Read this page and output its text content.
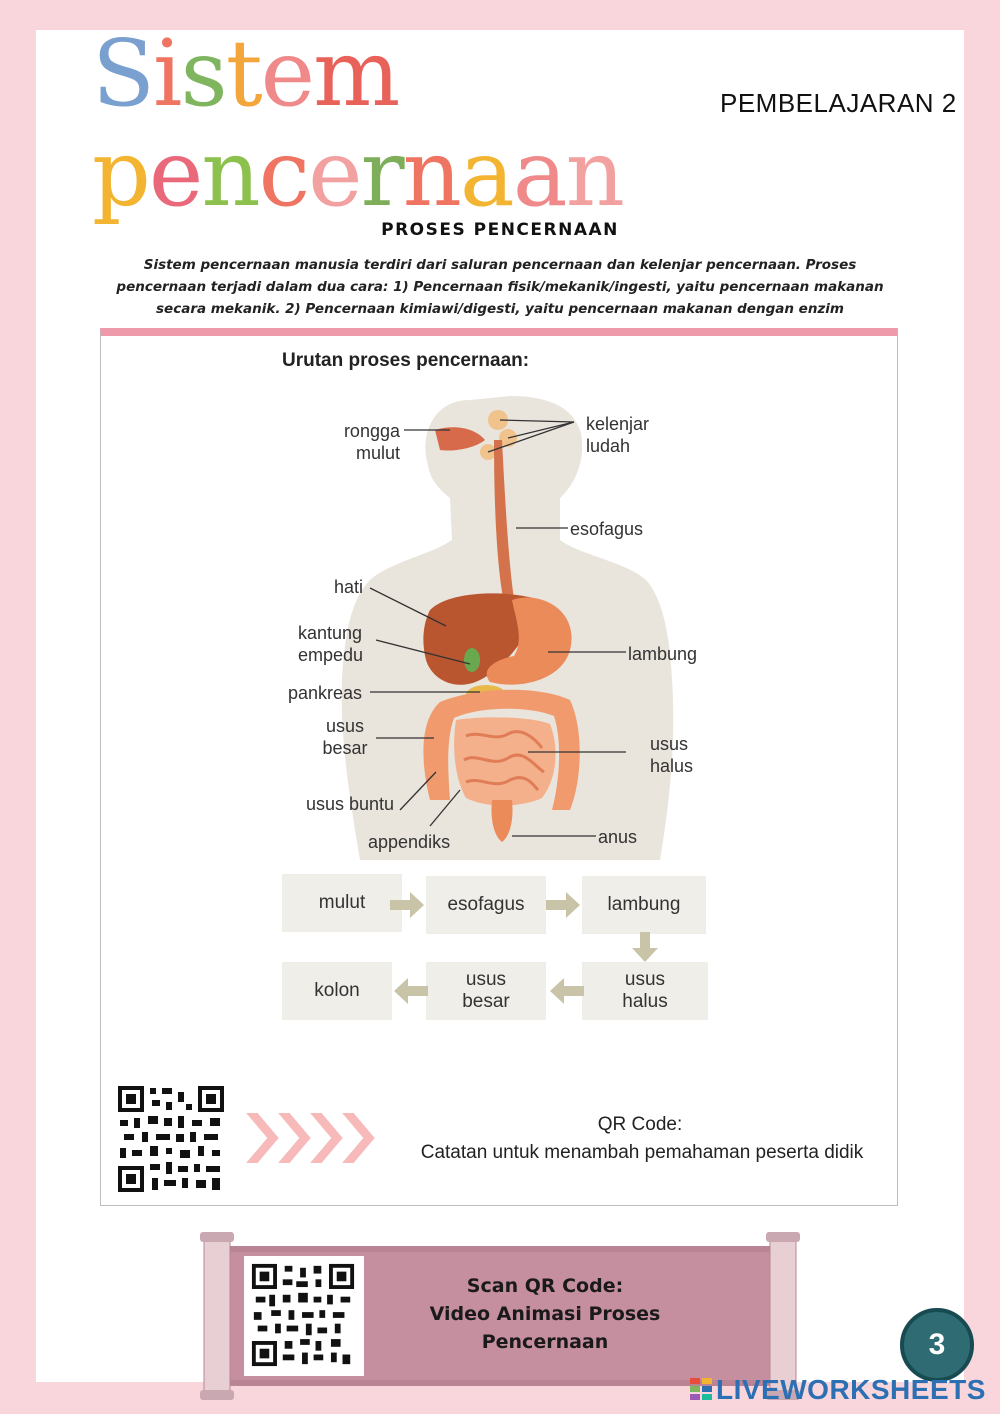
Sistem
pencernaan
PEMBELAJARAN 2
PROSES PENCERNAAN
Sistem pencernaan manusia terdiri dari saluran pencernaan dan kelenjar pencernaan. Proses pencernaan terjadi dalam dua cara: 1) Pencernaan fisik/mekanik/ingesti, yaitu pencernaan makanan secara mekanik. 2) Pencernaan kimiawi/digesti, yaitu pencernaan makanan dengan enzim
Urutan proses pencernaan:
rongga
mulut
kelenjar
ludah
esofagus
hati
kantung
empedu	lambung
pankreas
usus
besar	usus
halus
usus buntu
appendiks	anus
mulut	esofagus	lambung
usus halus
usus besar
kolon
QR Code:
Catatan untuk menambah pemahaman peserta didik
Scan QR Code:
Video Animasi Proses
Pencernaan	3
LIVEWORKSHEETS
